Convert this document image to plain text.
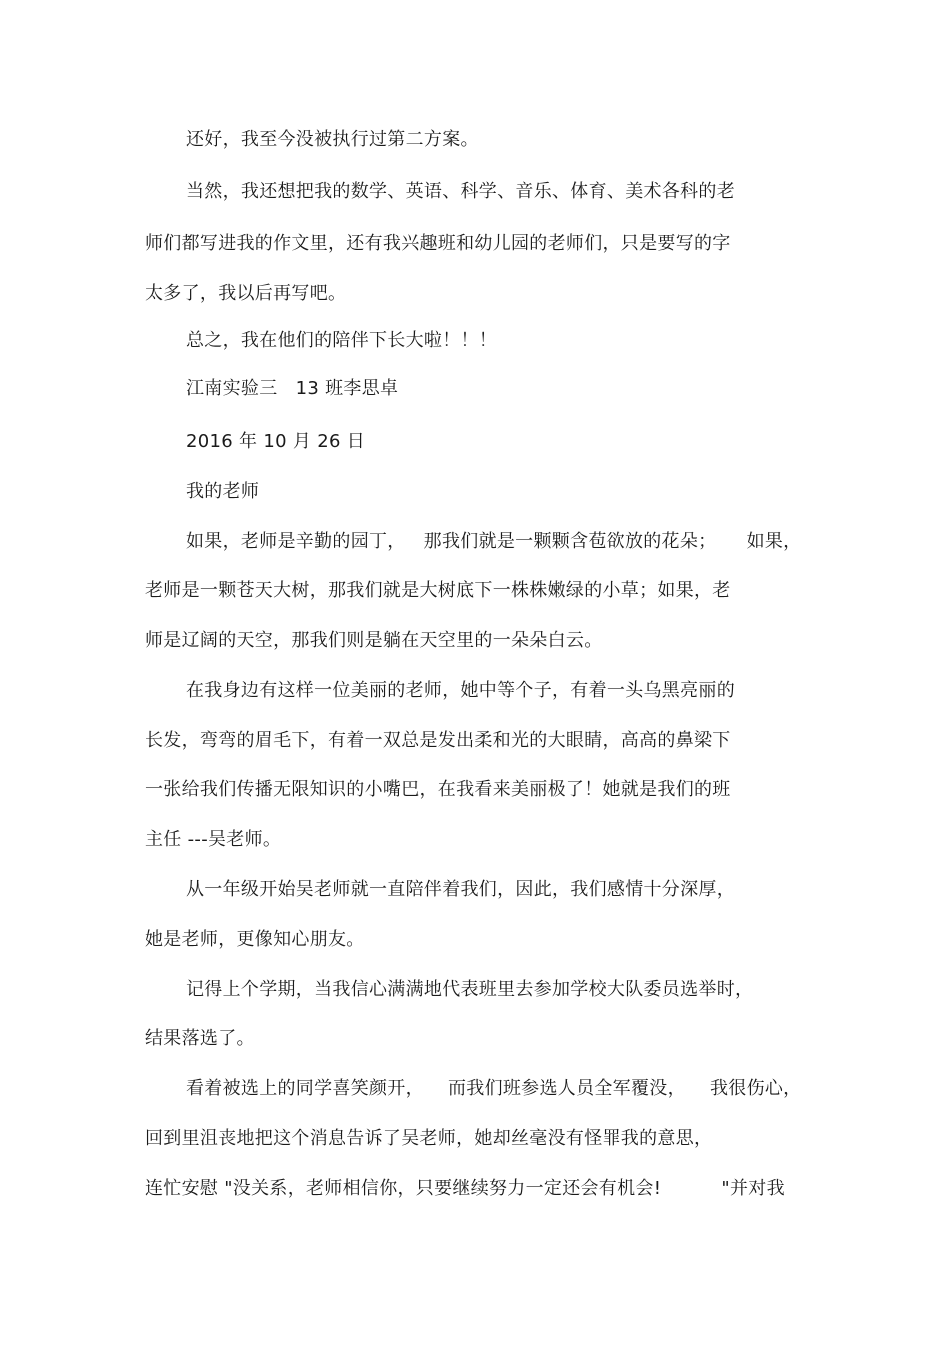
还好，我至今没被执行过第二方案。
当然，我还想把我的数学、英语、科学、音乐、体育、美术各科的老
师们都写进我的作文里，还有我兴趣班和幼儿园的老师们，只是要写的字
太多了，我以后再写吧。
总之，我在他们的陪伴下长大啦！！！
江南实验三   13 班李思卓
2016 年 10 月 26 日
我的老师
如果，老师是辛勤的园丁，   那我们就是一颗颗含苞欲放的花朵；     如果，
老师是一颗苍天大树，那我们就是大树底下一株株嫩绿的小草；如果，老
师是辽阔的天空，那我们则是躺在天空里的一朵朵白云。
在我身边有这样一位美丽的老师，她中等个子，有着一头乌黑亮丽的
长发，弯弯的眉毛下，有着一双总是发出柔和光的大眼睛，高高的鼻梁下
一张给我们传播无限知识的小嘴巴，在我看来美丽极了！她就是我们的班
主任 ---吴老师。
从一年级开始吴老师就一直陪伴着我们，因此，我们感情十分深厚，
她是老师，更像知心朋友。
记得上个学期，当我信心满满地代表班里去参加学校大队委员选举时，
结果落选了。
看着被选上的同学喜笑颜开，    而我们班参选人员全军覆没，    我很伤心，
回到里沮丧地把这个消息告诉了吴老师，她却丝毫没有怪罪我的意思，
连忙安慰 "没关系，老师相信你，只要继续努力一定还会有机会!          "并对我
